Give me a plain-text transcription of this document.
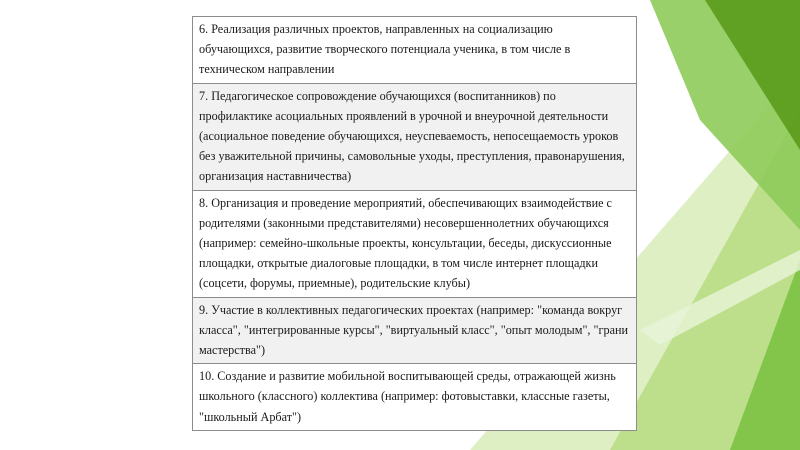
6. Реализация различных проектов, направленных на социализацию обучающихся, развитие творческого потенциала ученика, в том числе в техническом направлении
7. Педагогическое сопровождение обучающихся (воспитанников) по профилактике асоциальных проявлений в урочной и внеурочной деятельности (асоциальное поведение обучающихся, неуспеваемость, непосещаемость уроков без уважительной причины, самовольные уходы, преступления, правонарушения, организация наставничества)
8. Организация и проведение мероприятий, обеспечивающих взаимодействие с родителями (законными представителями) несовершеннолетних обучающихся (например: семейно-школьные проекты, консультации, беседы, дискуссионные площадки, открытые диалоговые площадки, в том числе интернет площадки (соцсети, форумы, приемные), родительские клубы)
9. Участие в коллективных педагогических проектах (например: "команда вокруг класса", "интегрированные курсы", "виртуальный класс", "опыт молодым", "грани мастерства")
10. Создание и развитие мобильной воспитывающей среды, отражающей жизнь школьного (классного) коллектива (например: фотовыставки, классные газеты, "школьный Арбат")
